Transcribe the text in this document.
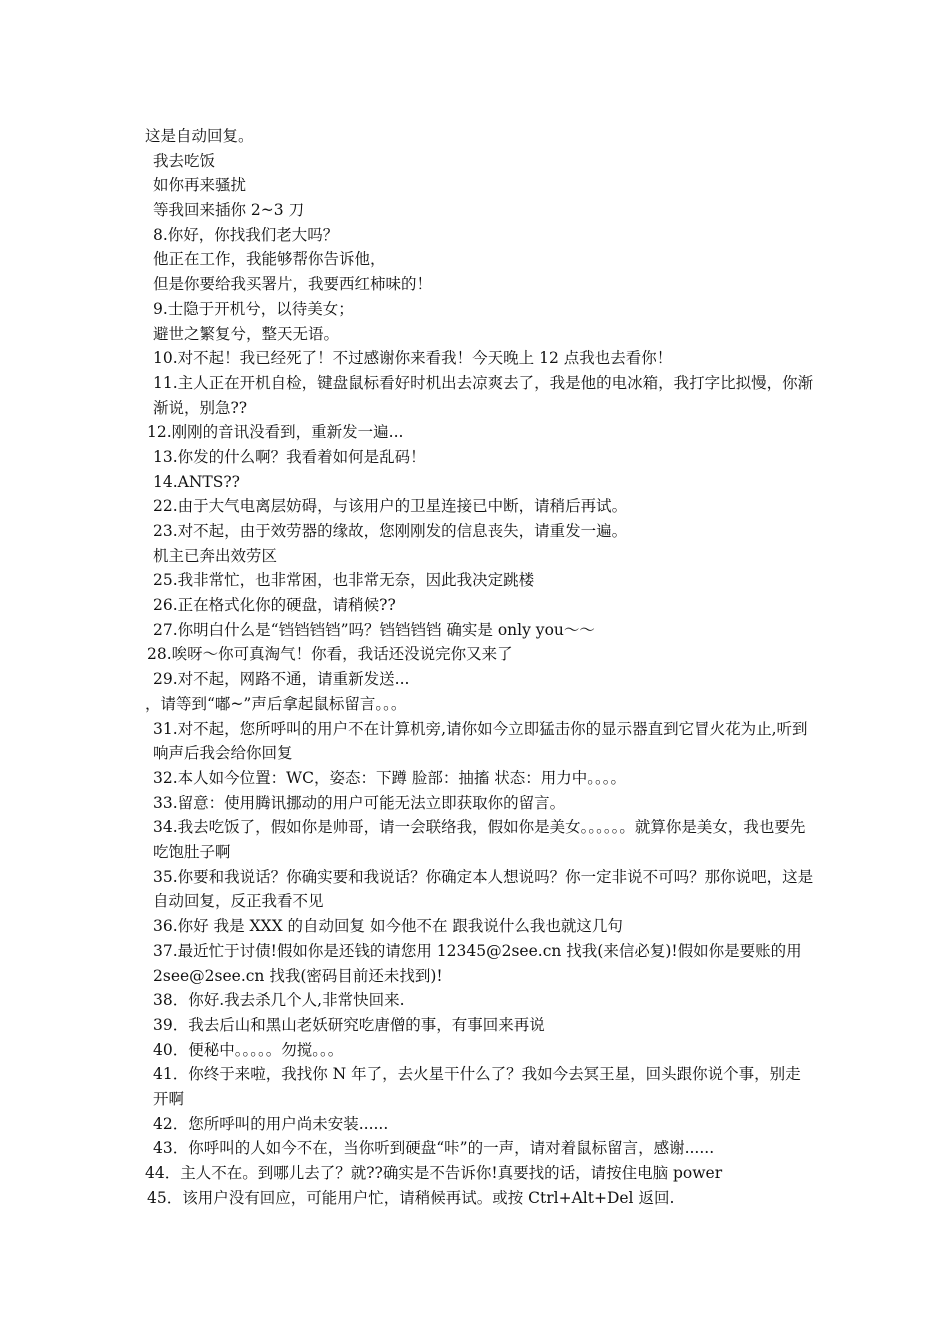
这是自动回复。
我去吃饭
如你再来骚扰
等我回来插你 2~3 刀
8.你好，你找我们老大吗？
他正在工作，我能够帮你告诉他，
但是你要给我买署片，我要西红柿味的！
9.士隐于开机兮，以待美女；
避世之繁复兮，整天无语。
10.对不起！我已经死了！不过感谢你来看我！今天晚上 12 点我也去看你！
11.主人正在开机自检，键盘鼠标看好时机出去凉爽去了，我是他的电冰箱，我打字比拟慢，你渐渐说，别急??
12.刚刚的音讯没看到，重新发一遍...
13.你发的什么啊？我看着如何是乱码！
14.ANTS??
22.由于大气电离层妨碍，与该用户的卫星连接已中断，请稍后再试。
23.对不起，由于效劳器的缘故，您刚刚发的信息丧失，请重发一遍。
机主已奔出效劳区
25.我非常忙，也非常困，也非常无奈，因此我决定跳楼
26.正在格式化你的硬盘，请稍候??
27.你明白什么是“铛铛铛铛”吗？铛铛铛铛 确实是 only you～～
28.唉呀～你可真淘气！你看，我话还没说完你又来了
29.对不起，网路不通，请重新发送...
，请等到“嘟~”声后拿起鼠标留言。。。
31.对不起，您所呼叫的用户不在计算机旁,请你如今立即猛击你的显示器直到它冒火花为止,听到响声后我会给你回复
32.本人如今位置：WC，姿态：下蹲 脸部：抽搐 状态：用力中。。。。
33.留意：使用腾讯挪动的用户可能无法立即获取你的留言。
34.我去吃饭了，假如你是帅哥，请一会联络我，假如你是美女。。。。。。就算你是美女，我也要先吃饱肚子啊
35.你要和我说话？你确实要和我说话？你确定本人想说吗？你一定非说不可吗？那你说吧，这是自动回复，反正我看不见
36.你好 我是 XXX 的自动回复 如今他不在 跟我说什么我也就这几句
37.最近忙于讨债!假如你是还钱的请您用 12345@2see.cn 找我(来信必复)!假如你是要账的用 2see@2see.cn 找我(密码目前还未找到)!
38．你好.我去杀几个人,非常快回来.
39．我去后山和黑山老妖研究吃唐僧的事，有事回来再说
40．便秘中。。。。。勿搅。。。
41．你终于来啦，我找你 N 年了，去火星干什么了？我如今去冥王星，回头跟你说个事，别走开啊
42．您所呼叫的用户尚未安装......
43．你呼叫的人如今不在，当你听到硬盘“咔”的一声，请对着鼠标留言，感谢......
44．主人不在。到哪儿去了？就??确实是不告诉你!真要找的话，请按住电脑 power
45．该用户没有回应，可能用户忙，请稍候再试。或按 Ctrl+Alt+Del 返回.
